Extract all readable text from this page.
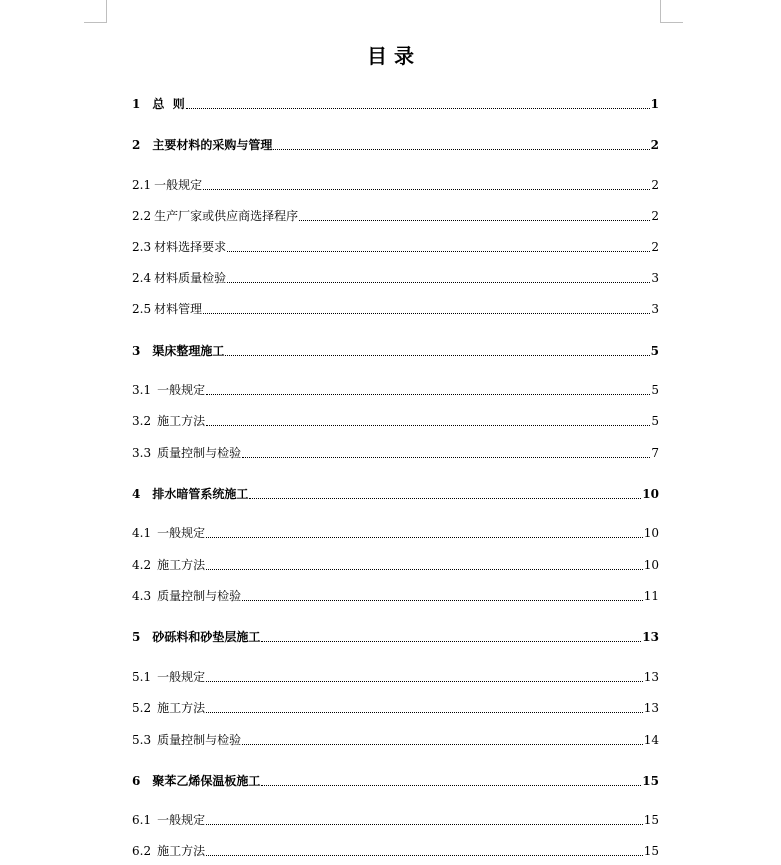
目 录
1 总  则	1
2 主要材料的采购与管理	2
2.1 一般规定	2
2.2 生产厂家或供应商选择程序	2
2.3 材料选择要求	2
2.4 材料质量检验	3
2.5 材料管理	3
3 渠床整理施工	5
3.1 一般规定	5
3.2 施工方法	5
3.3 质量控制与检验	7
4 排水暗管系统施工	10
4.1 一般规定	10
4.2 施工方法	10
4.3 质量控制与检验	11
5 砂砾料和砂垫层施工	13
5.1 一般规定	13
5.2 施工方法	13
5.3 质量控制与检验	14
6 聚苯乙烯保温板施工	15
6.1 一般规定	15
6.2 施工方法	15
